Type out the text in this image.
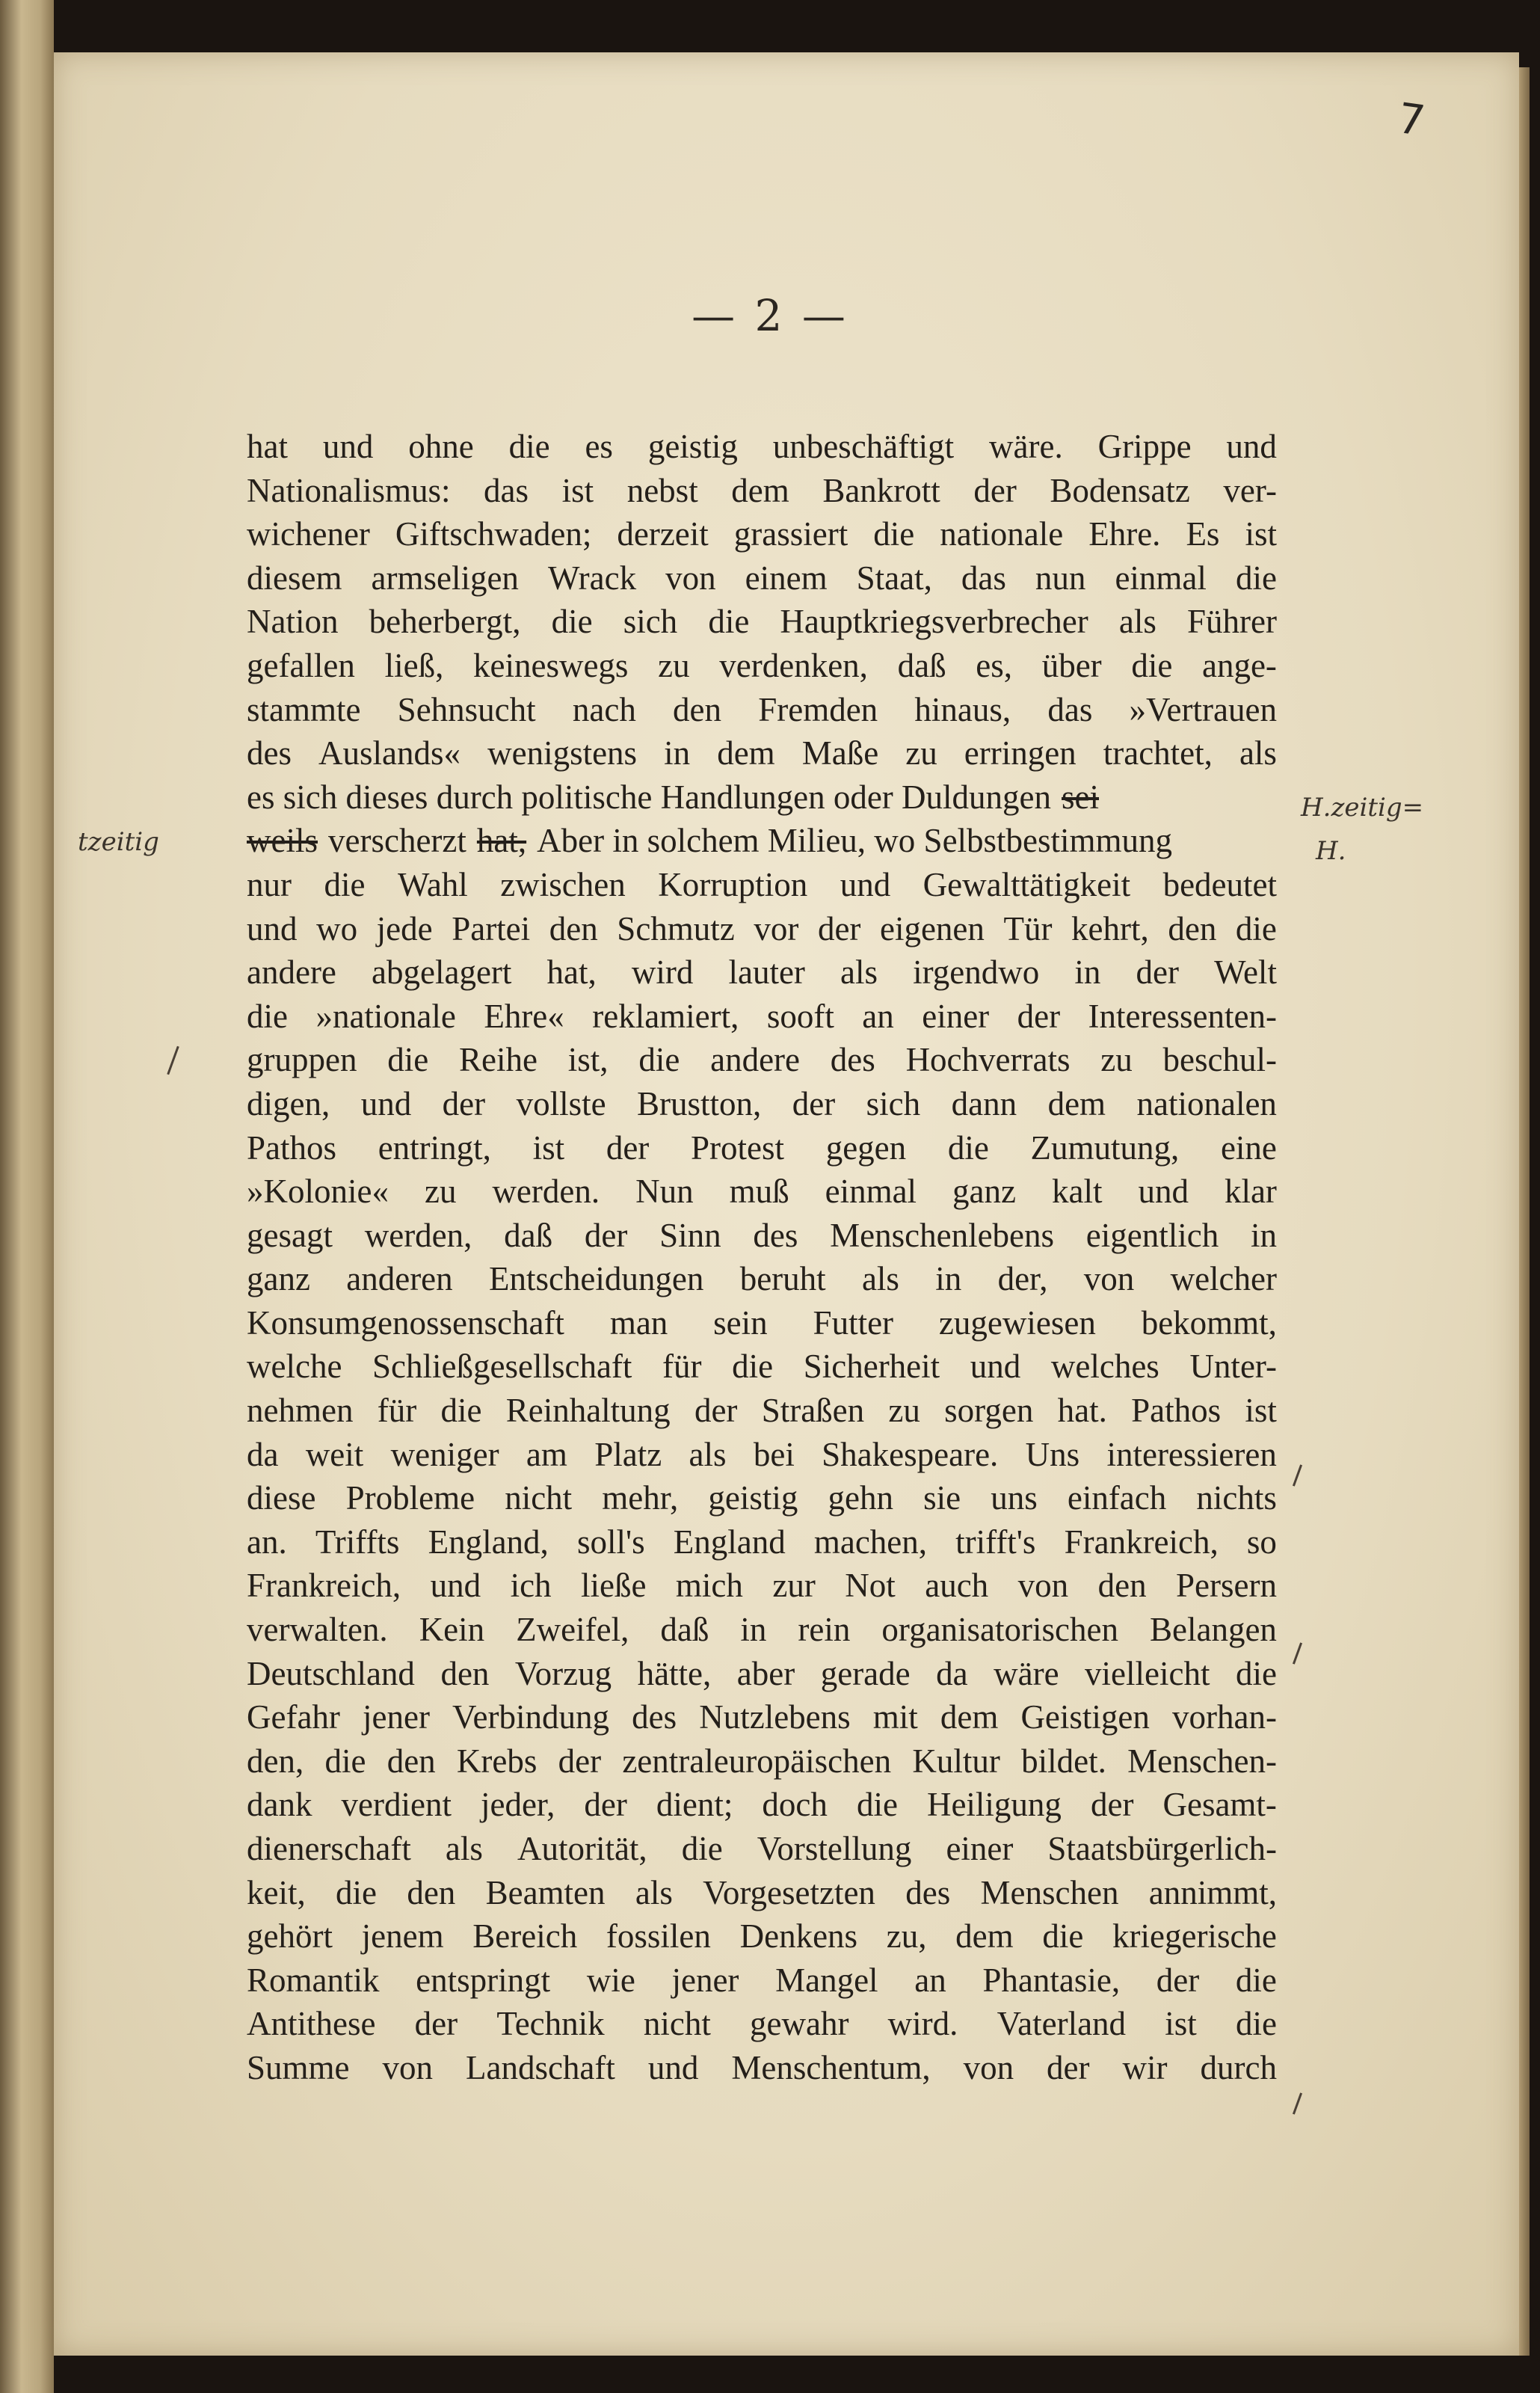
7
— 2 —
hat und ohne die es geistig unbeschäftigt wäre. Grippe und
Nationalismus: das ist nebst dem Bankrott der Bodensatz ver-
wichener Giftschwaden; derzeit grassiert die nationale Ehre. Es ist
diesem armseligen Wrack von einem Staat, das nun einmal die
Nation beherbergt, die sich die Hauptkriegsverbrecher als Führer
gefallen ließ, keineswegs zu verdenken, daß es, über die ange-
stammte Sehnsucht nach den Fremden hinaus, das »Vertrauen
des Auslands« wenigstens in dem Maße zu erringen trachtet, als
es sich dieses durch politische Handlungen oder Duldungen sei
weils verscherzt hat, Aber in solchem Milieu, wo Selbstbestimmung
nur die Wahl zwischen Korruption und Gewalttätigkeit bedeutet
und wo jede Partei den Schmutz vor der eigenen Tür kehrt, den die
andere abgelagert hat, wird lauter als irgendwo in der Welt
die »nationale Ehre« reklamiert, sooft an einer der Interessenten-
gruppen die Reihe ist, die andere des Hochverrats zu beschul-
digen, und der vollste Brustton, der sich dann dem nationalen
Pathos entringt, ist der Protest gegen die Zumutung, eine
»Kolonie« zu werden. Nun muß einmal ganz kalt und klar
gesagt werden, daß der Sinn des Menschenlebens eigentlich in
ganz anderen Entscheidungen beruht als in der, von welcher
Konsumgenossenschaft man sein Futter zugewiesen bekommt,
welche Schließgesellschaft für die Sicherheit und welches Unter-
nehmen für die Reinhaltung der Straßen zu sorgen hat. Pathos ist
da weit weniger am Platz als bei Shakespeare. Uns interessieren
diese Probleme nicht mehr, geistig gehn sie uns einfach nichts
an. Triffts England, soll's England machen, trifft's Frankreich, so
Frankreich, und ich ließe mich zur Not auch von den Persern
verwalten. Kein Zweifel, daß in rein organisatorischen Belangen
Deutschland den Vorzug hätte, aber gerade da wäre vielleicht die
Gefahr jener Verbindung des Nutzlebens mit dem Geistigen vorhan-
den, die den Krebs der zentraleuropäischen Kultur bildet. Menschen-
dank verdient jeder, der dient; doch die Heiligung der Gesamt-
dienerschaft als Autorität, die Vorstellung einer Staatsbürgerlich-
keit, die den Beamten als Vorgesetzten des Menschen annimmt,
gehört jenem Bereich fossilen Denkens zu, dem die kriegerische
Romantik entspringt wie jener Mangel an Phantasie, der die
Antithese der Technik nicht gewahr wird. Vaterland ist die
Summe von Landschaft und Menschentum, von der wir durch
tzeitig
H.zeitig=
H.
